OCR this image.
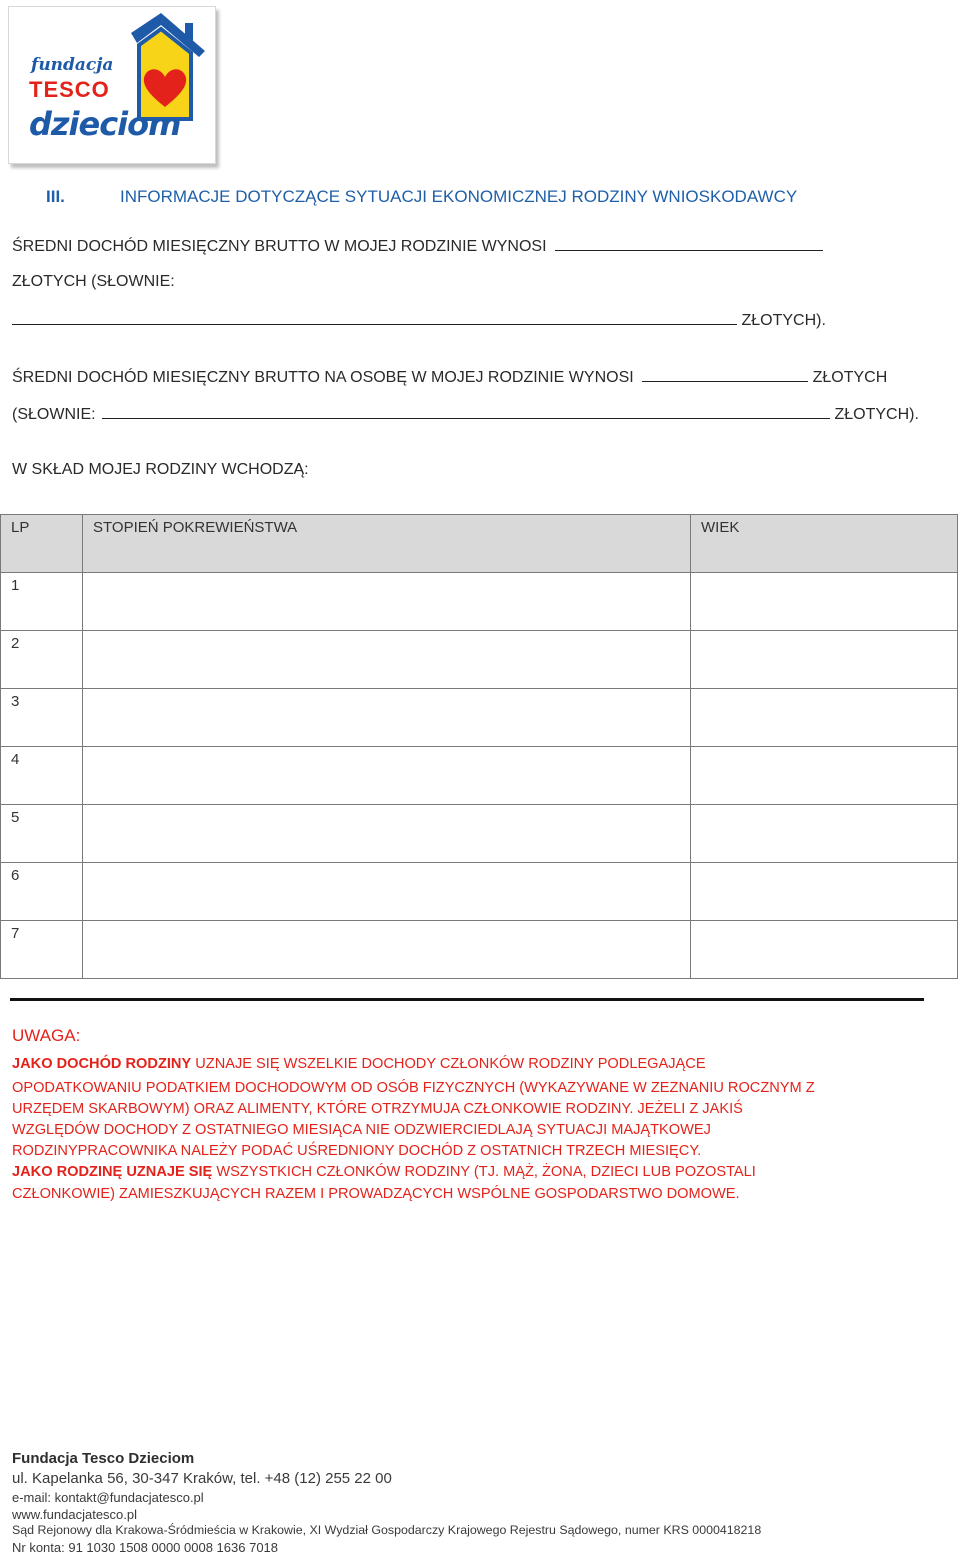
fundacja
TESCO
dzieciom
III.	INFORMACJE DOTYCZĄCE SYTUACJI EKONOMICZNEJ RODZINY WNIOSKODAWCY
ŚREDNI DOCHÓD MIESIĘCZNY BRUTTO W MOJEJ RODZINIE WYNOSI
ZŁOTYCH (SŁOWNIE:
ZŁOTYCH).
ŚREDNI DOCHÓD MIESIĘCZNY BRUTTO NA OSOBĘ W MOJEJ RODZINIE WYNOSI	ZŁOTYCH
(SŁOWNIE:	ZŁOTYCH).
W SKŁAD MOJEJ RODZINY WCHODZĄ:
LP	STOPIEŃ POKREWIEŃSTWA	WIEK
1		
2		
3		
4		
5		
6		
7		
UWAGA:
JAKO DOCHÓD RODZINY UZNAJE SIĘ WSZELKIE DOCHODY CZŁONKÓW RODZINY PODLEGAJĄCE
OPODATKOWANIU PODATKIEM DOCHODOWYM OD OSÓB FIZYCZNYCH (WYKAZYWANE W ZEZNANIU ROCZNYM Z
URZĘDEM SKARBOWYM) ORAZ ALIMENTY, KTÓRE OTRZYMUJA CZŁONKOWIE RODZINY. JEŻELI Z JAKIŚ
WZGLĘDÓW DOCHODY Z OSTATNIEGO MIESIĄCA NIE ODZWIERCIEDLAJĄ SYTUACJI MAJĄTKOWEJ
RODZINYPRACOWNIKA NALEŻY PODAĆ UŚREDNIONY DOCHÓD Z OSTATNICH TRZECH MIESIĘCY.
JAKO RODZINĘ UZNAJE SIĘ WSZYSTKICH CZŁONKÓW RODZINY (TJ. MĄŻ, ŻONA, DZIECI LUB POZOSTALI
CZŁONKOWIE) ZAMIESZKUJĄCYCH RAZEM I PROWADZĄCYCH WSPÓLNE GOSPODARSTWO DOMOWE.
Fundacja Tesco Dzieciom
ul. Kapelanka 56, 30-347 Kraków, tel. +48 (12) 255 22 00
e-mail: kontakt@fundacjatesco.pl
www.fundacjatesco.pl
Sąd Rejonowy dla Krakowa-Śródmieścia w Krakowie, XI Wydział Gospodarczy Krajowego Rejestru Sądowego, numer KRS 0000418218
Nr konta: 91 1030 1508 0000 0008 1636 7018
